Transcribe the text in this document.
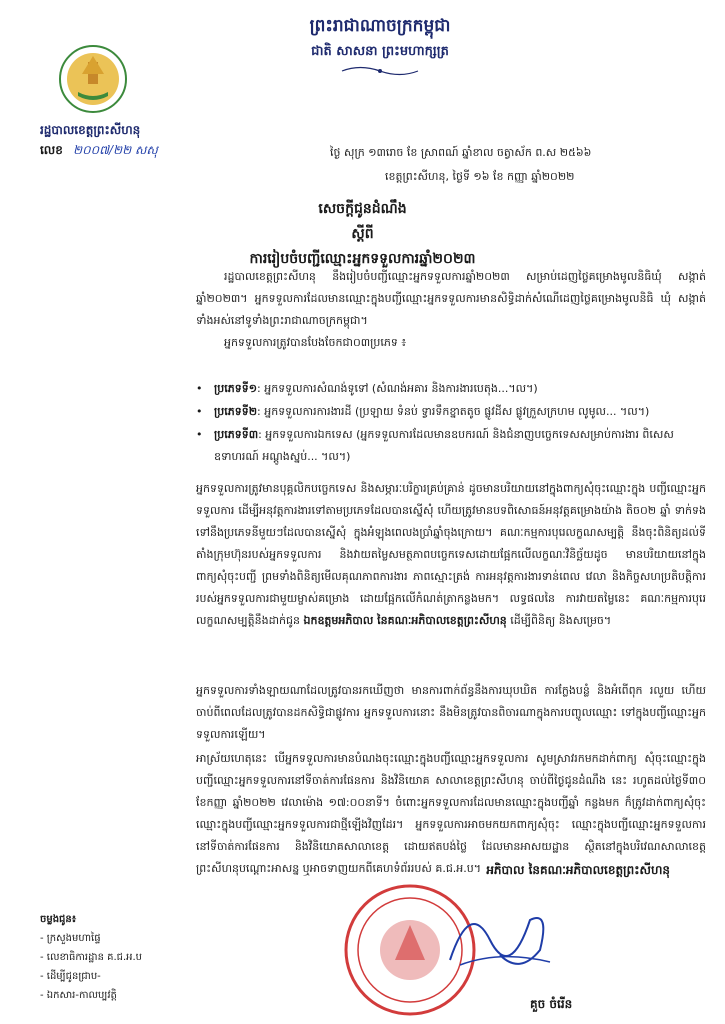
ព្រះរាជាណាចក្រកម្ពុជា
ជាតិ សាសនា ព្រះមហាក្សត្រ
រដ្ឋបាលខេត្តព្រះសីហនុ
លេខ ២០០៧/២២ សសុ	ថ្ងៃ សុក្រ ១៣រោច ខែ ស្រាពណ៍ ឆ្នាំខាល ចត្វាស័ក ព.ស ២៥៦៦
ខេត្តព្រះសីហនុ, ថ្ងៃទី ១៦ ខែ កញ្ញា ឆ្នាំ២០២២
សេចក្តីជូនដំណឹង
ស្តីពី
ការរៀបចំបញ្ជីឈ្មោះអ្នកទទួលការឆ្នាំ២០២៣

រដ្ឋបាលខេត្តព្រះសីហនុ នឹងរៀបចំបញ្ជីឈ្មោះអ្នកទទួលការឆ្នាំ២០២៣ សម្រាប់ដេញថ្លៃគម្រោងមូលនិធិឃុំ សង្កាត់ឆ្នាំ២០២៣។ អ្នកទទួលការដែលមានឈ្មោះក្នុងបញ្ជីឈ្មោះអ្នកទទួលការមានសិទ្ធិដាក់សំណើដេញថ្លៃគម្រោងមូលនិធិ ឃុំ សង្កាត់ ទាំងអស់នៅទូទាំងព្រះរាជាណាចក្រកម្ពុជា។

អ្នកទទួលការត្រូវបានបែងចែកជា០៣ប្រភេទ ៖

•	ប្រភេទទី១: អ្នកទទួលការសំណង់ទូទៅ (សំណង់អគារ និងការងារបេតុង...។ល។)
•	ប្រភេទទី២: អ្នកទទួលការការងារដី (ប្រឡាយ ទំនប់ ទ្វារទឹកខ្នាតតូច ផ្លូវដីស ផ្លូវក្រួសក្រហម លូមូល... ។ល។)
•	ប្រភេទទី៣: អ្នកទទួលការឯកទេស (អ្នកទទួលការដែលមានឧបករណ៍ និងជំនាញបច្ចេកទេសសម្រាប់ការងារ ពិសេស ឧទាហរណ៍ អណ្តូងស្នប់... ។ល។)
អ្នកទទួលការត្រូវមានបុគ្គលិកបច្ចេកទេស និងសម្ភារៈបរិក្ខារគ្រប់គ្រាន់ ដូចមានបរិយាយនៅក្នុងពាក្យសុំចុះឈ្មោះក្នុង បញ្ជីឈ្មោះអ្នកទទួលការ ដើម្បីអនុវត្តការងារទៅតាមប្រភេទដែលបានស្នើសុំ ហើយត្រូវមានបទពិសោធន៍អនុវត្តគម្រោងយ៉ាង តិច០២ ឆ្នាំ ទាក់ទងទៅនឹងប្រភេទនីមួយៗដែលបានស្នើសុំ ក្នុងអំឡុងពេលងប្រាំឆ្នាំចុងក្រោយ។ គណៈកម្មការបុរេលក្ខណសម្បត្តិ នឹងចុះពិនិត្យដល់ទីតាំងក្រុមហ៊ុនរបស់អ្នកទទួលការ និងវាយតម្លៃសមត្ថភាពបច្ចេកទេសដោយផ្អែកលើលក្ខណៈវិនិច្ឆ័យដូច មានបរិយាយនៅក្នុងពាក្យសុំចុះបញ្ជី ព្រមទាំងពិនិត្យមើលគុណភាពការងារ ភាពស្មោះត្រង់ ការអនុវត្តការងារទាន់ពេល វេលា និងកិច្ចសហប្រតិបត្តិការរបស់អ្នកទទួលការជាមួយម្ចាស់គម្រោង ដោយផ្អែកលើកំណត់ត្រាកន្លងមក។ លទ្ធផលនៃ ការវាយតម្លៃនេះ គណៈកម្មការបុរេលក្ខណសម្បត្តិនឹងដាក់ជូន ឯកឧត្តមអភិបាល នៃគណៈអភិបាលខេត្តព្រះសីហនុ ដើម្បីពិនិត្យ និងសម្រេច។
អ្នកទទួលការទាំងឡាយណាដែលត្រូវបានរកឃើញថា មានការពាក់ព័ន្ធនឹងការឃុបឃិត ការក្លែងបន្លំ និងអំពើពុក រលួយ ហើយចាប់ពីពេលដែលត្រូវបានដកសិទ្ធិជាផ្លូវការ អ្នកទទួលការនោះ នឹងមិនត្រូវបានពិចារណាក្នុងការបញ្ចូលឈ្មោះ ទៅក្នុងបញ្ជីឈ្មោះអ្នកទទួលការឡើយ។
អាស្រ័យហេតុនេះ បើអ្នកទទួលការមានបំណងចុះឈ្មោះក្នុងបញ្ជីឈ្មោះអ្នកទទួលការ សូមស្រាវរកមកដាក់ពាក្យ សុំចុះឈ្មោះក្នុងបញ្ជីឈ្មោះអ្នកទទួលការនៅទីចាត់ការផែនការ និងវិនិយោគ សាលាខេត្តព្រះសីហនុ ចាប់ពីថ្ងៃជូនដំណឹង នេះ រហូតដល់ថ្ងៃទី៣០ ខែកញ្ញា ឆ្នាំ២០២២ វេលាម៉ោង ១៧:០០នាទី។ ចំពោះអ្នកទទួលការដែលមានឈ្មោះក្នុងបញ្ជីឆ្នាំ កន្លងមក ក៏ត្រូវដាក់ពាក្យសុំចុះឈ្មោះក្នុងបញ្ជីឈ្មោះអ្នកទទួលការជាថ្មីឡើងវិញដែរ។ អ្នកទទួលការអាចមកយកពាក្យសុំចុះ ឈ្មោះក្នុងបញ្ជីឈ្មោះអ្នកទទួលការ នៅទីចាត់ការផែនការ និងវិនិយោគសាលាខេត្ត ដោយឥតបង់ថ្លៃ ដែលមានអាសយដ្ឋាន ស្ថិតនៅក្នុងបរិវេណសាលាខេត្តព្រះសីហនុបណ្តោះអាសន្ន ឬអាចទាញយកពីគេហទំព័ររបស់ គ.ជ.អ.ប។ អភិបាល នៃគណៈអភិបាលខេត្តព្រះសីហនុ
គួច ចំរើន
ចម្លងជូន៖
- ក្រសួងមហាផ្ទៃ
- លេខាធិការដ្ឋាន គ.ជ.អ.ប
- ដើម្បីជូនជ្រាប-
- ឯកសារ-កាលប្បវត្តិ
